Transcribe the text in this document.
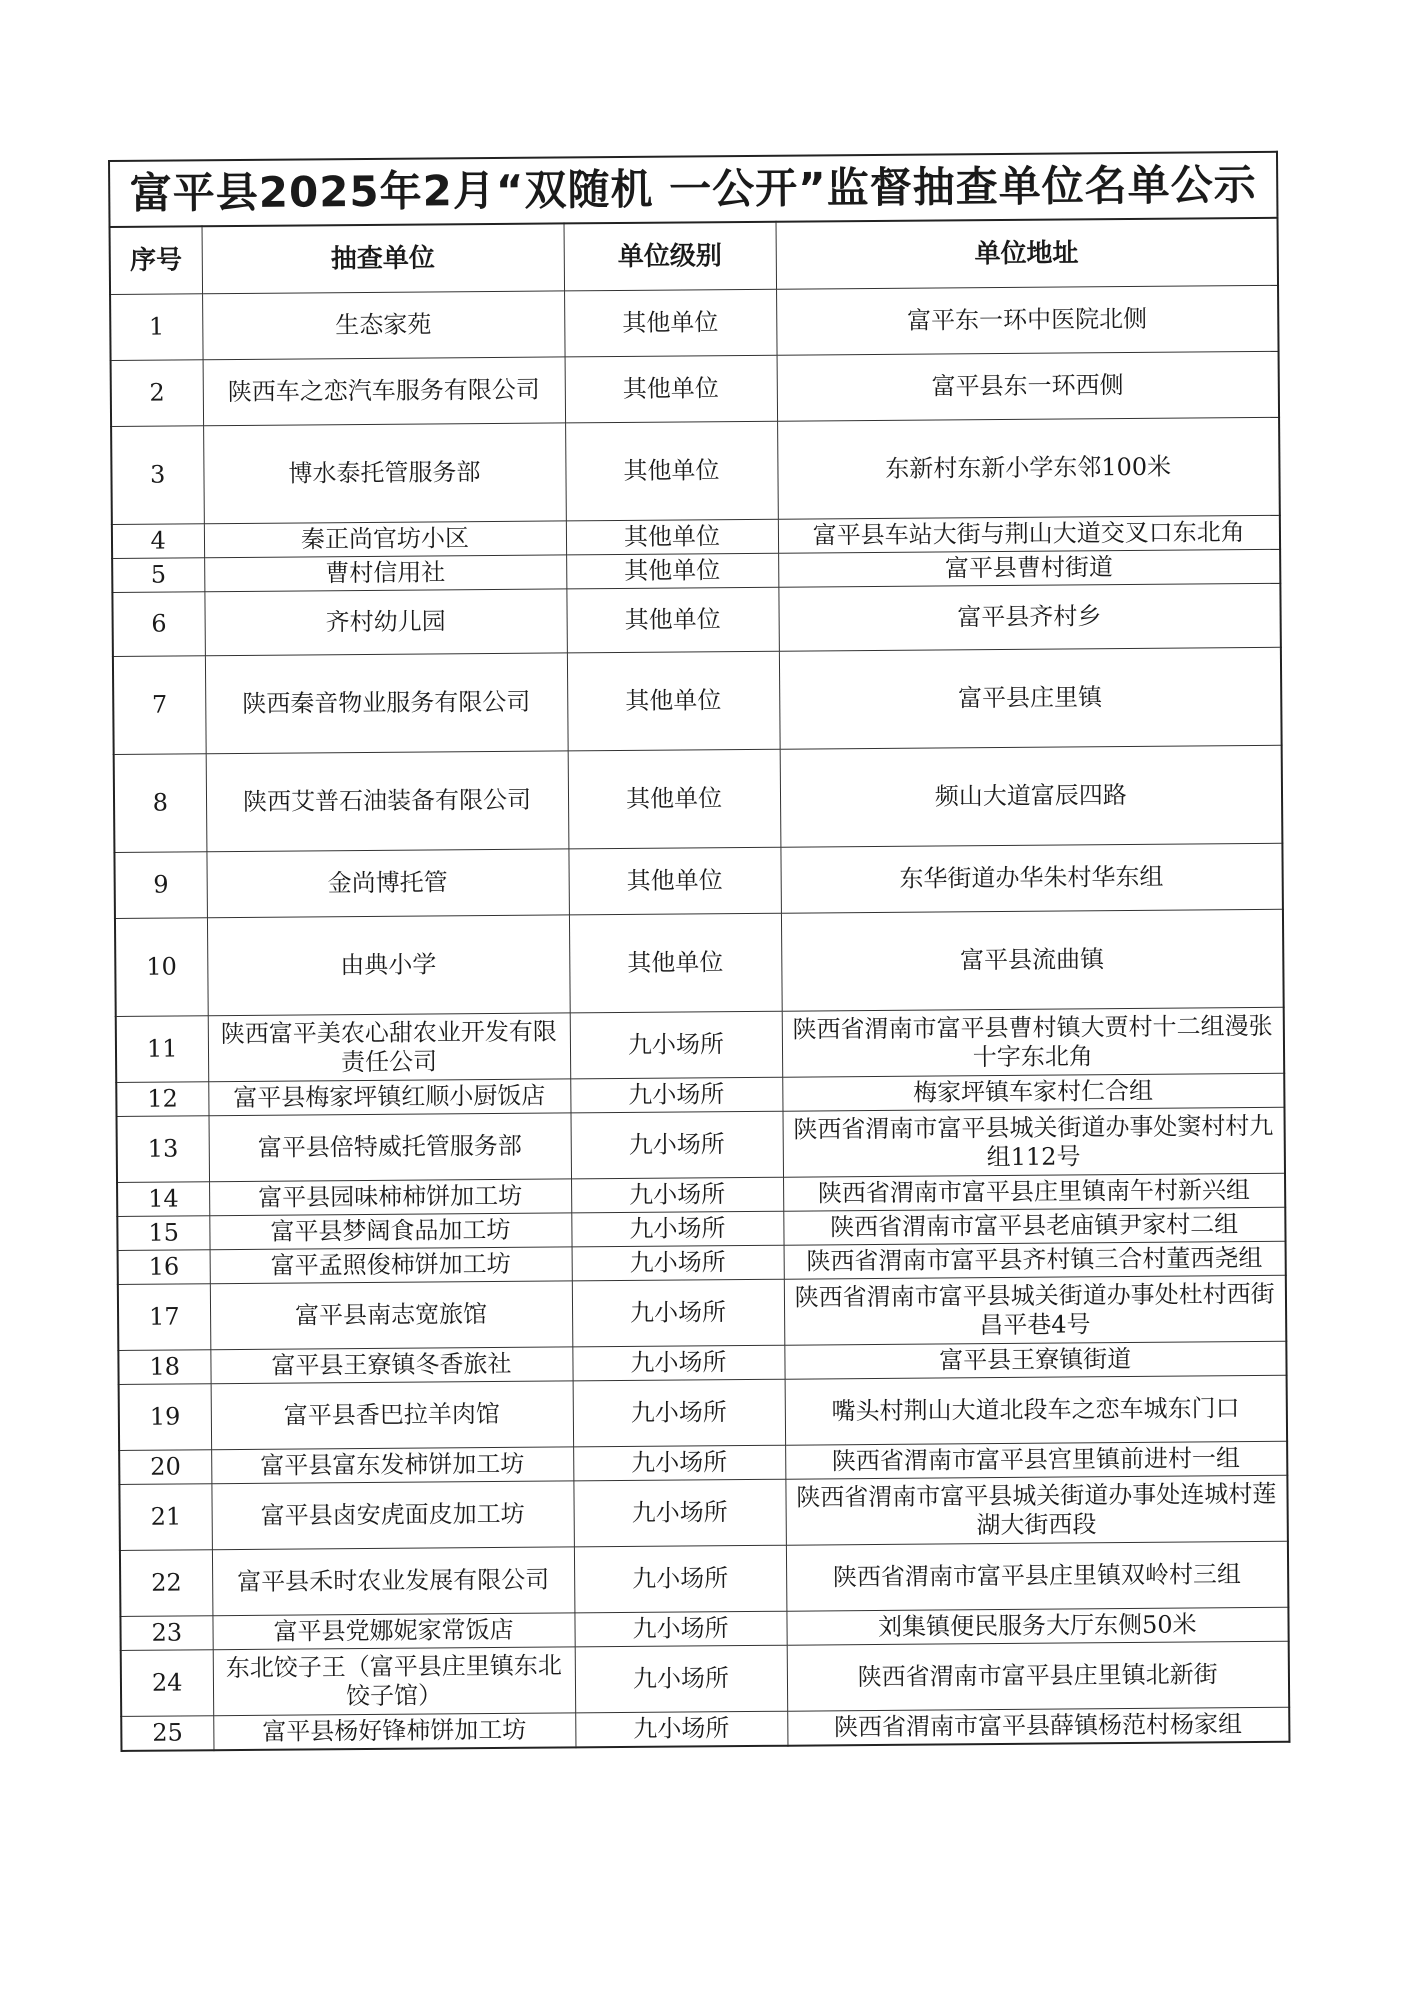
富平县2025年2月“双随机 一公开”监督抽查单位名单公示
序号	抽查单位	单位级别	单位地址
1	生态家苑	其他单位	富平东一环中医院北侧
2	陕西车之恋汽车服务有限公司	其他单位	富平县东一环西侧
3	博水泰托管服务部	其他单位	东新村东新小学东邻100米
4	秦正尚官坊小区	其他单位	富平县车站大街与荆山大道交叉口东北角
5	曹村信用社	其他单位	富平县曹村街道
6	齐村幼儿园	其他单位	富平县齐村乡
7	陕西秦音物业服务有限公司	其他单位	富平县庄里镇
8	陕西艾普石油装备有限公司	其他单位	频山大道富辰四路
9	金尚博托管	其他单位	东华街道办华朱村华东组
10	由典小学	其他单位	富平县流曲镇
11	陕西富平美农心甜农业开发有限责任公司	九小场所	陕西省渭南市富平县曹村镇大贾村十二组漫张十字东北角
12	富平县梅家坪镇红顺小厨饭店	九小场所	梅家坪镇车家村仁合组
13	富平县倍特威托管服务部	九小场所	陕西省渭南市富平县城关街道办事处窦村村九组112号
14	富平县园味柿柿饼加工坊	九小场所	陕西省渭南市富平县庄里镇南午村新兴组
15	富平县梦阔食品加工坊	九小场所	陕西省渭南市富平县老庙镇尹家村二组
16	富平孟照俊柿饼加工坊	九小场所	陕西省渭南市富平县齐村镇三合村董西尧组
17	富平县南志宽旅馆	九小场所	陕西省渭南市富平县城关街道办事处杜村西街昌平巷4号
18	富平县王寮镇冬香旅社	九小场所	富平县王寮镇街道
19	富平县香巴拉羊肉馆	九小场所	嘴头村荆山大道北段车之恋车城东门口
20	富平县富东发柿饼加工坊	九小场所	陕西省渭南市富平县宫里镇前进村一组
21	富平县卤安虎面皮加工坊	九小场所	陕西省渭南市富平县城关街道办事处连城村莲湖大街西段
22	富平县禾时农业发展有限公司	九小场所	陕西省渭南市富平县庄里镇双岭村三组
23	富平县党娜妮家常饭店	九小场所	刘集镇便民服务大厅东侧50米
24	东北饺子王（富平县庄里镇东北饺子馆）	九小场所	陕西省渭南市富平县庄里镇北新街
25	富平县杨好锋柿饼加工坊	九小场所	陕西省渭南市富平县薛镇杨范村杨家组
